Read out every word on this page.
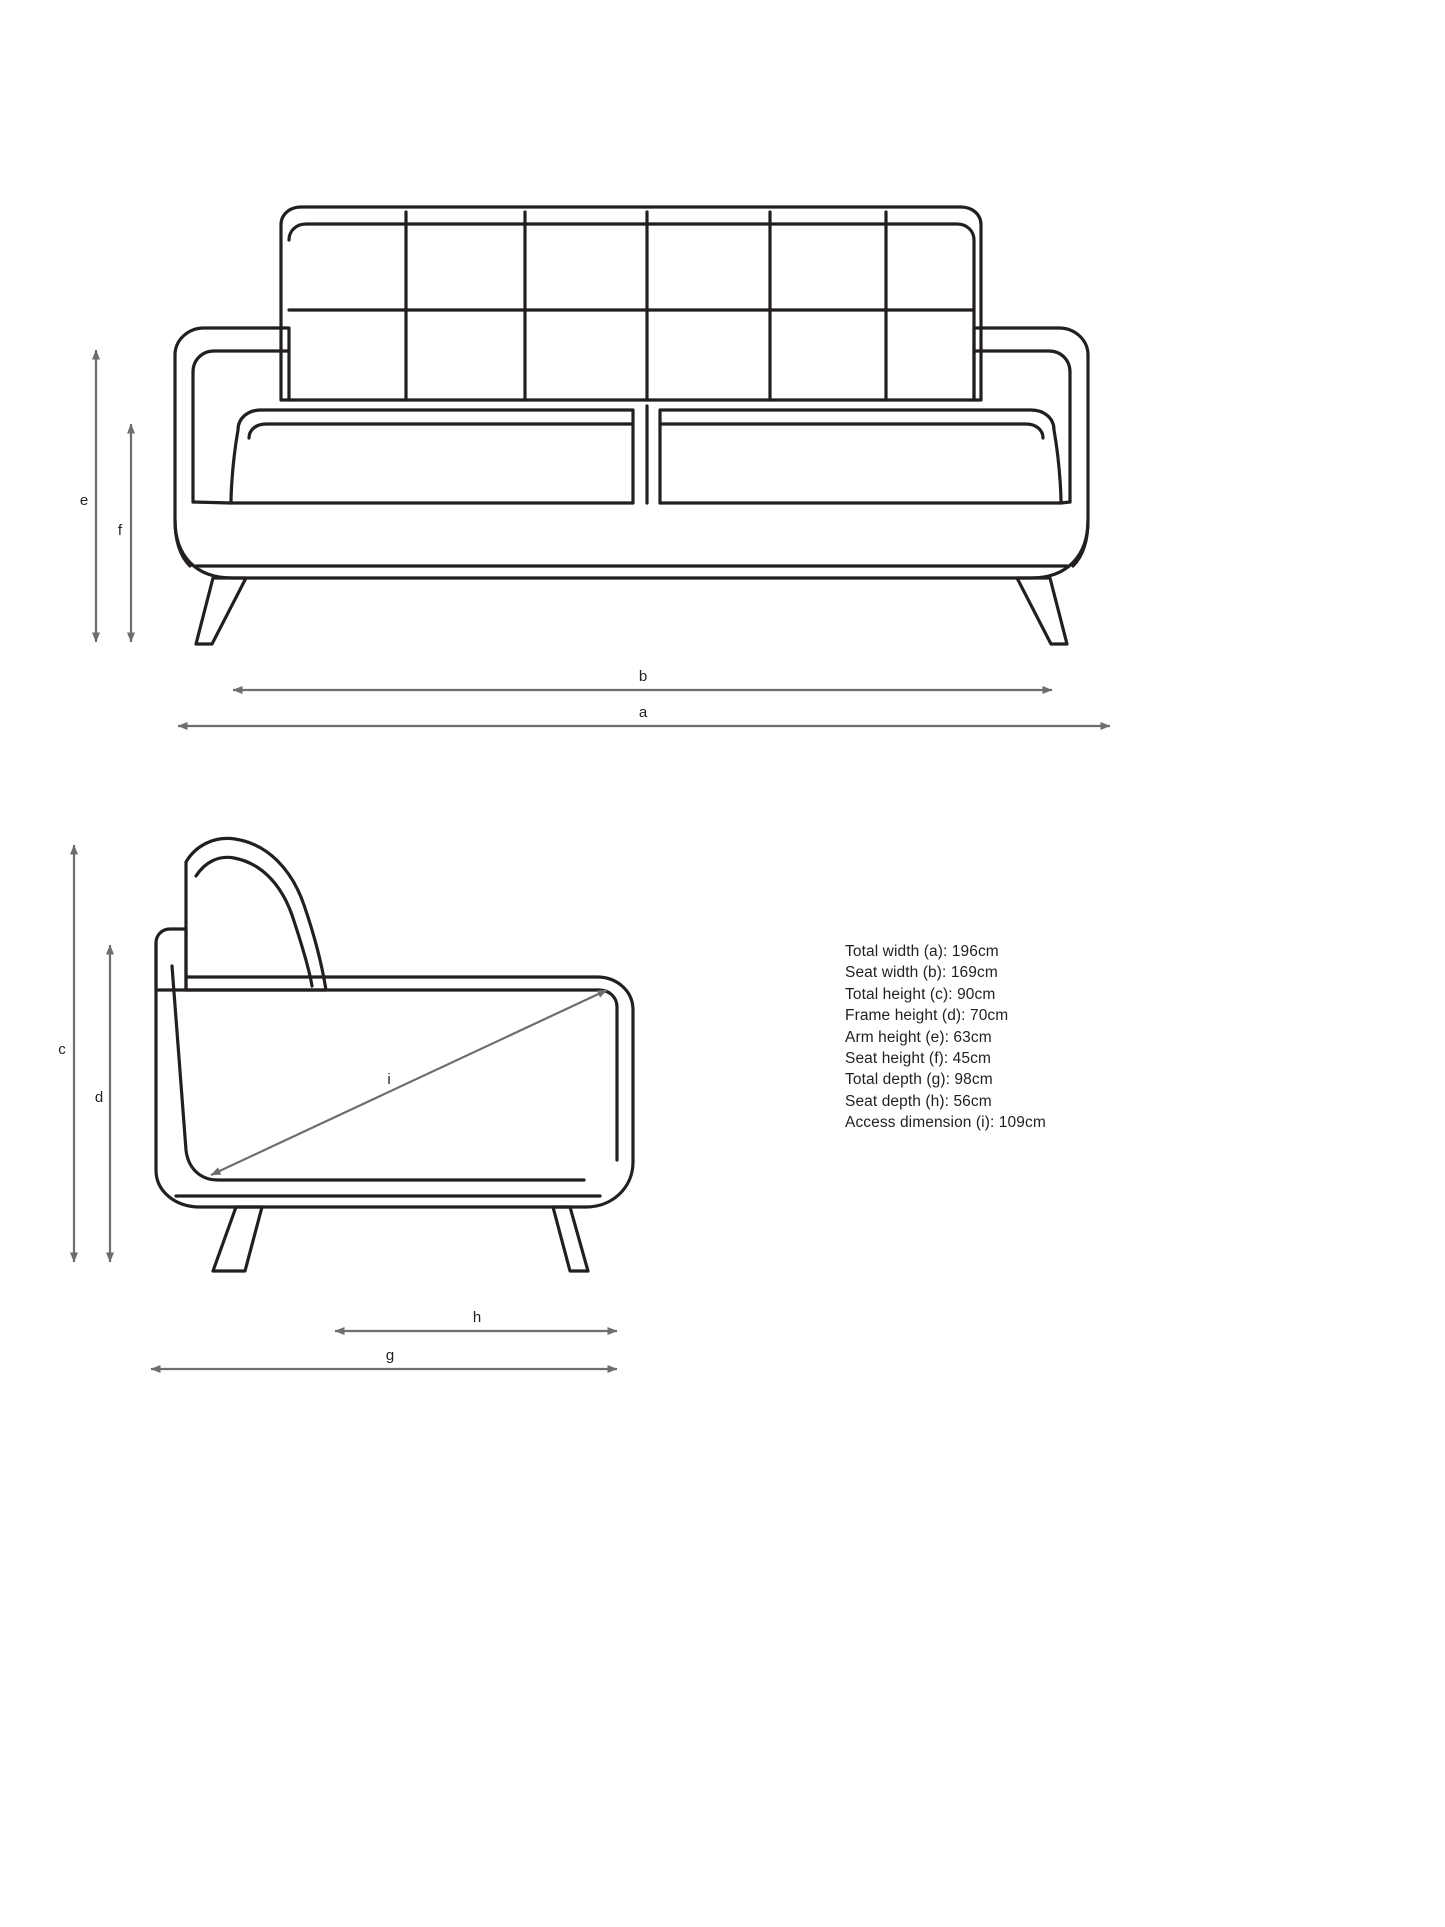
e
f
b
a
c
d
i
h
g
Total width (a): 196cm
Seat width (b): 169cm
Total height (c): 90cm
Frame height (d): 70cm
Arm height (e): 63cm
Seat height (f): 45cm
Total depth (g): 98cm
Seat depth (h): 56cm
Access dimension (i): 109cm
